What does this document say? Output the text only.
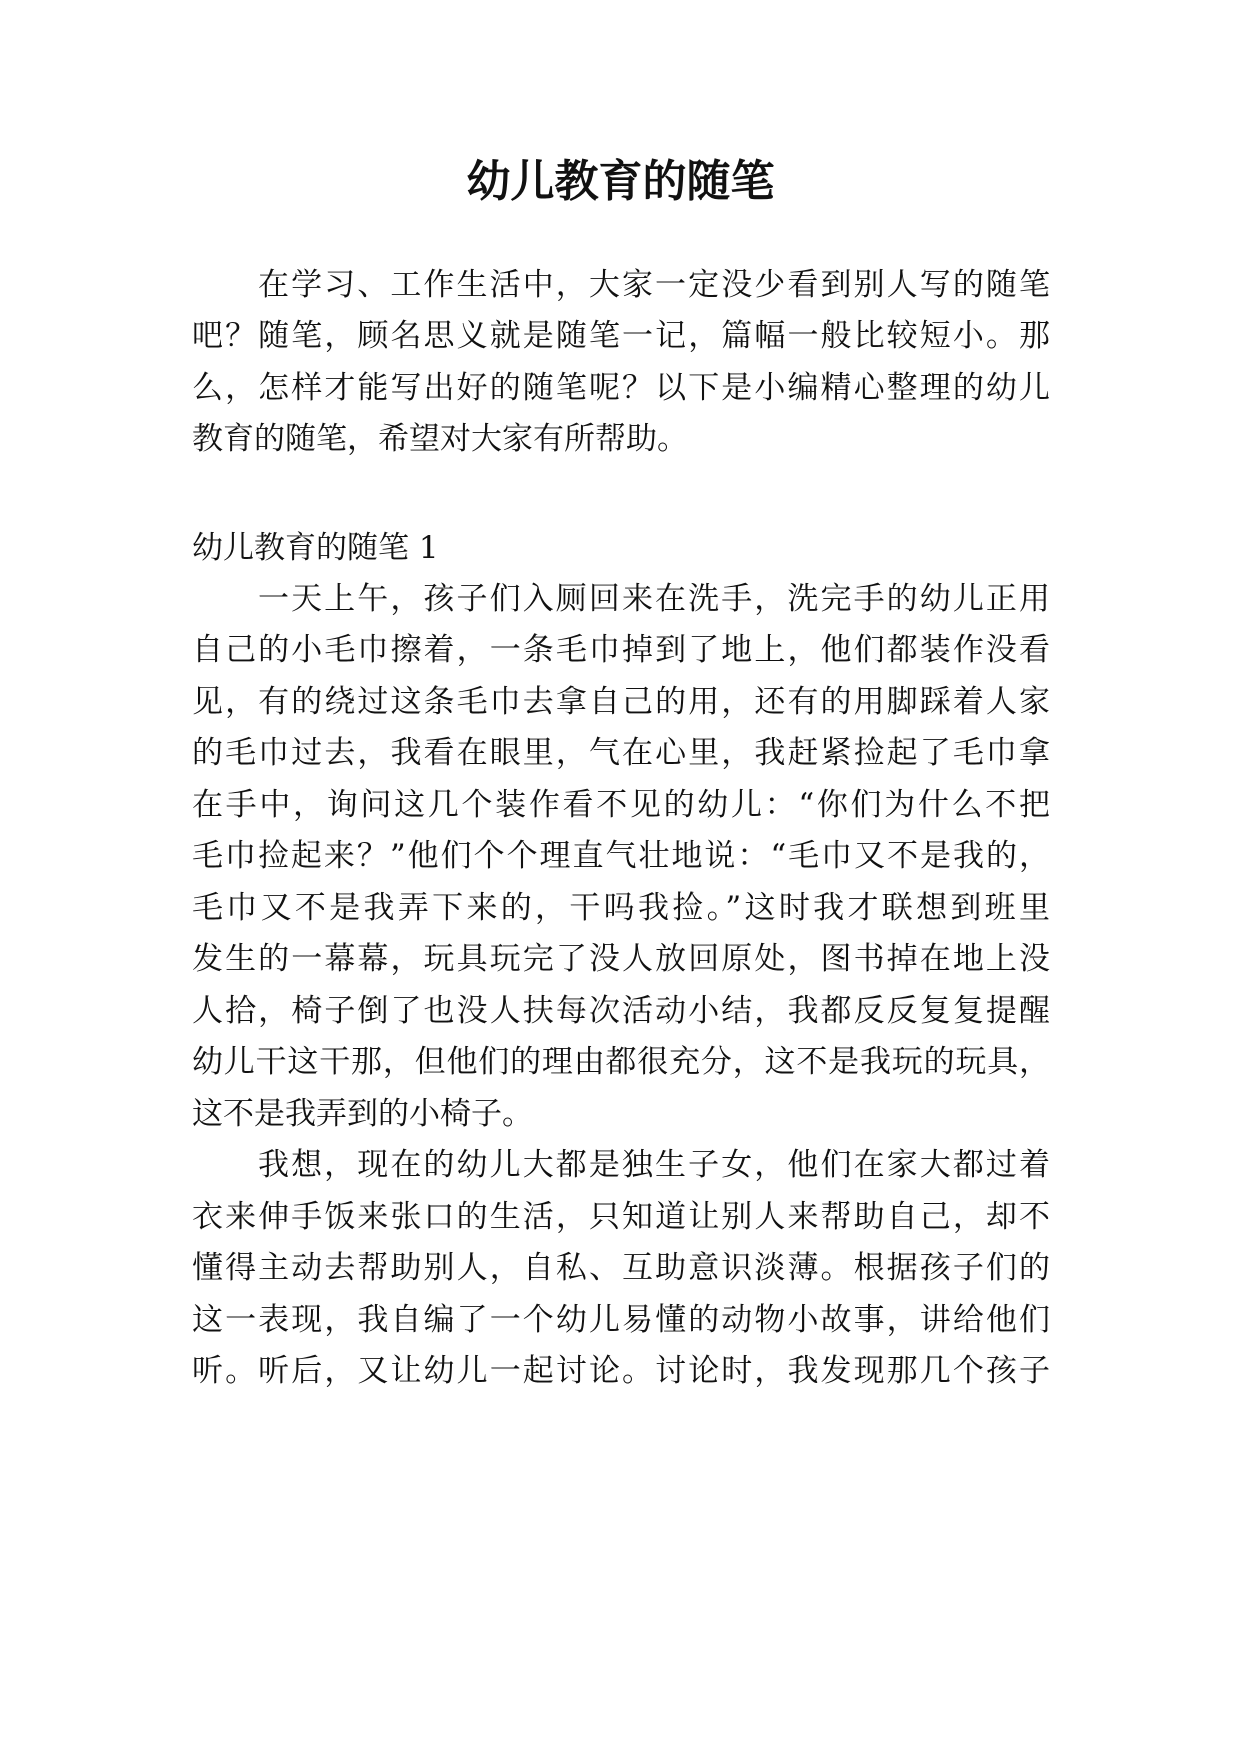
幼儿教育的随笔

在学习、工作生活中，大家一定没少看到别人写的随笔

吧？随笔，顾名思义就是随笔一记，篇幅一般比较短小。那

么，怎样才能写出好的随笔呢？以下是小编精心整理的幼儿

教育的随笔，希望对大家有所帮助。

幼儿教育的随笔 1

一天上午，孩子们入厕回来在洗手，洗完手的幼儿正用

自己的小毛巾擦着，一条毛巾掉到了地上，他们都装作没看

见，有的绕过这条毛巾去拿自己的用，还有的用脚踩着人家

的毛巾过去，我看在眼里，气在心里，我赶紧捡起了毛巾拿

在手中，询问这几个装作看不见的幼儿：“你们为什么不把

毛巾捡起来？”他们个个理直气壮地说：“毛巾又不是我的，

毛巾又不是我弄下来的，干吗我捡。”这时我才联想到班里

发生的一幕幕，玩具玩完了没人放回原处，图书掉在地上没

人拾，椅子倒了也没人扶每次活动小结，我都反反复复提醒

幼儿干这干那，但他们的理由都很充分，这不是我玩的玩具，

这不是我弄到的小椅子。

我想，现在的幼儿大都是独生子女，他们在家大都过着

衣来伸手饭来张口的生活，只知道让别人来帮助自己，却不

懂得主动去帮助别人，自私、互助意识淡薄。根据孩子们的

这一表现，我自编了一个幼儿易懂的动物小故事，讲给他们

听。听后，又让幼儿一起讨论。讨论时，我发现那几个孩子
